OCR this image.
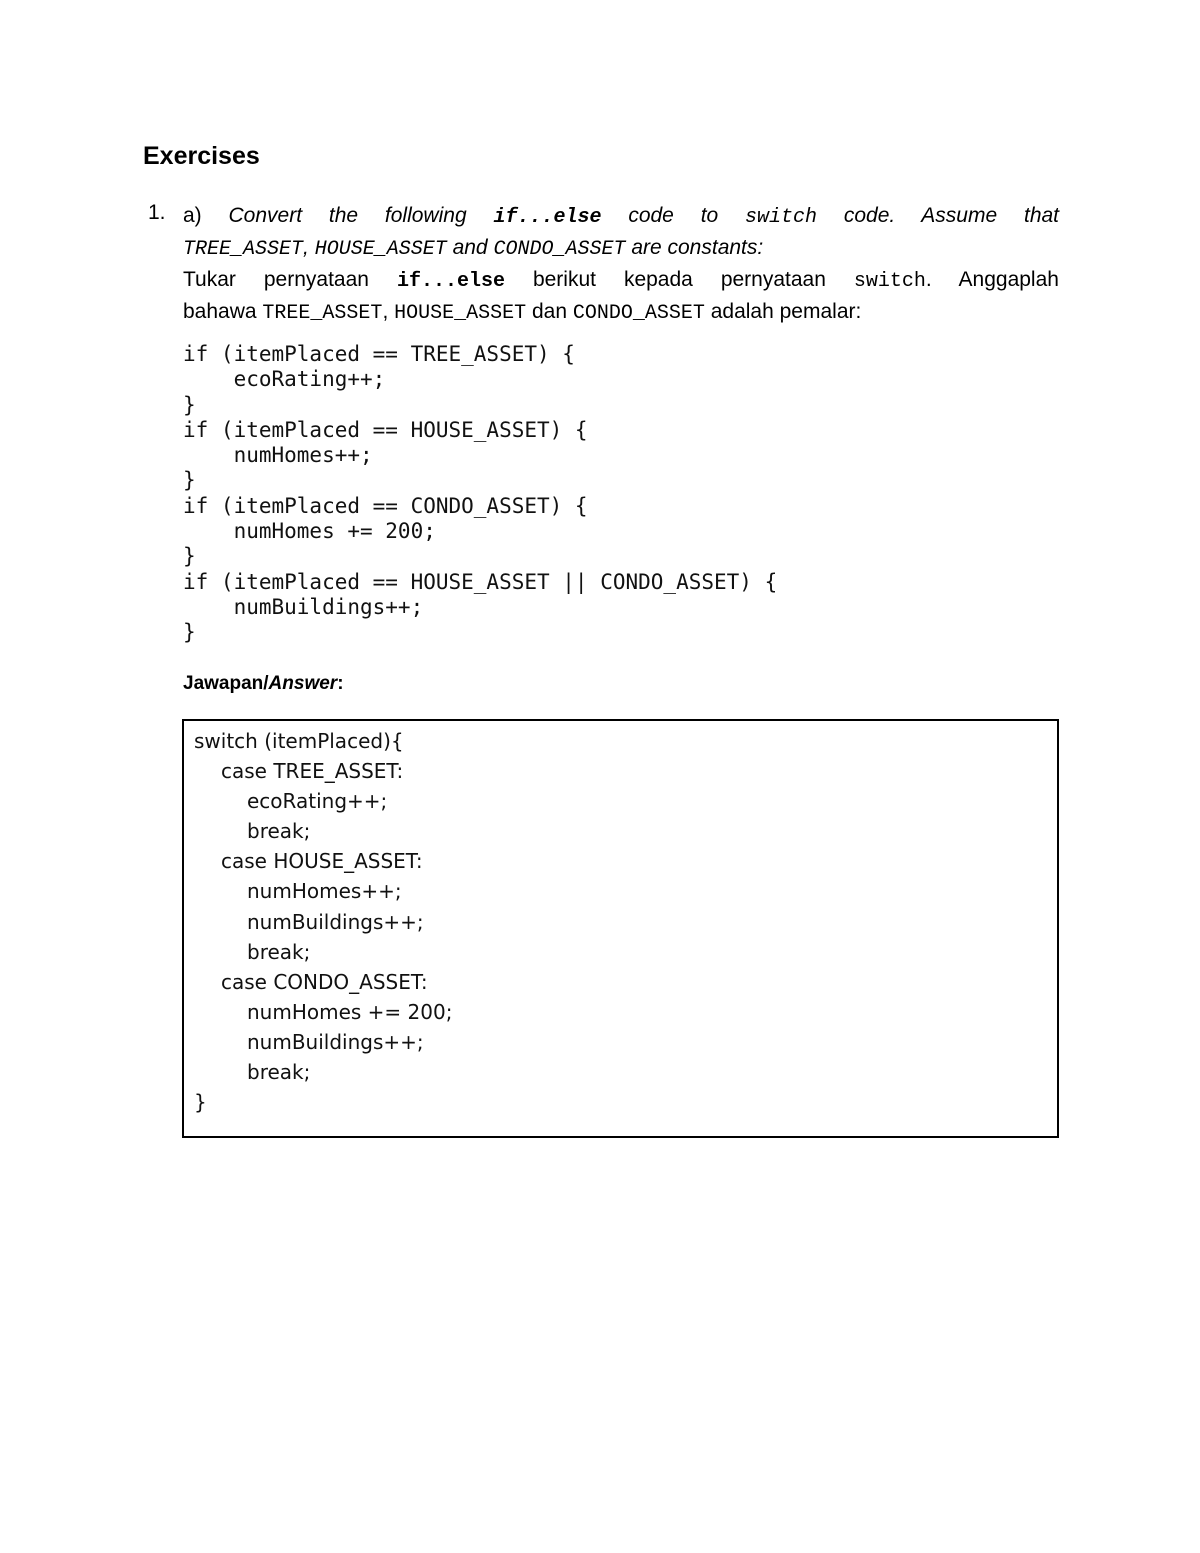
Exercises
1. a) Convert the following if...else code to switch code. Assume that
TREE_ASSET, HOUSE_ASSET and CONDO_ASSET are constants:
Tukar pernyataan if...else berikut kepada pernyataan switch. Anggaplah
bahawa TREE_ASSET, HOUSE_ASSET dan CONDO_ASSET adalah pemalar:
if (itemPlaced == TREE_ASSET) {
ecoRating++;
}
if (itemPlaced == HOUSE_ASSET) {
numHomes++;
}
if (itemPlaced == CONDO_ASSET) {
numHomes += 200;
}
if (itemPlaced == HOUSE_ASSET || CONDO_ASSET) {
numBuildings++;
}
Jawapan/Answer:
switch (itemPlaced){
case TREE_ASSET:
ecoRating++;
break;
case HOUSE_ASSET:
numHomes++;
numBuildings++;
break;
case CONDO_ASSET:
numHomes += 200;
numBuildings++;
break;
}
